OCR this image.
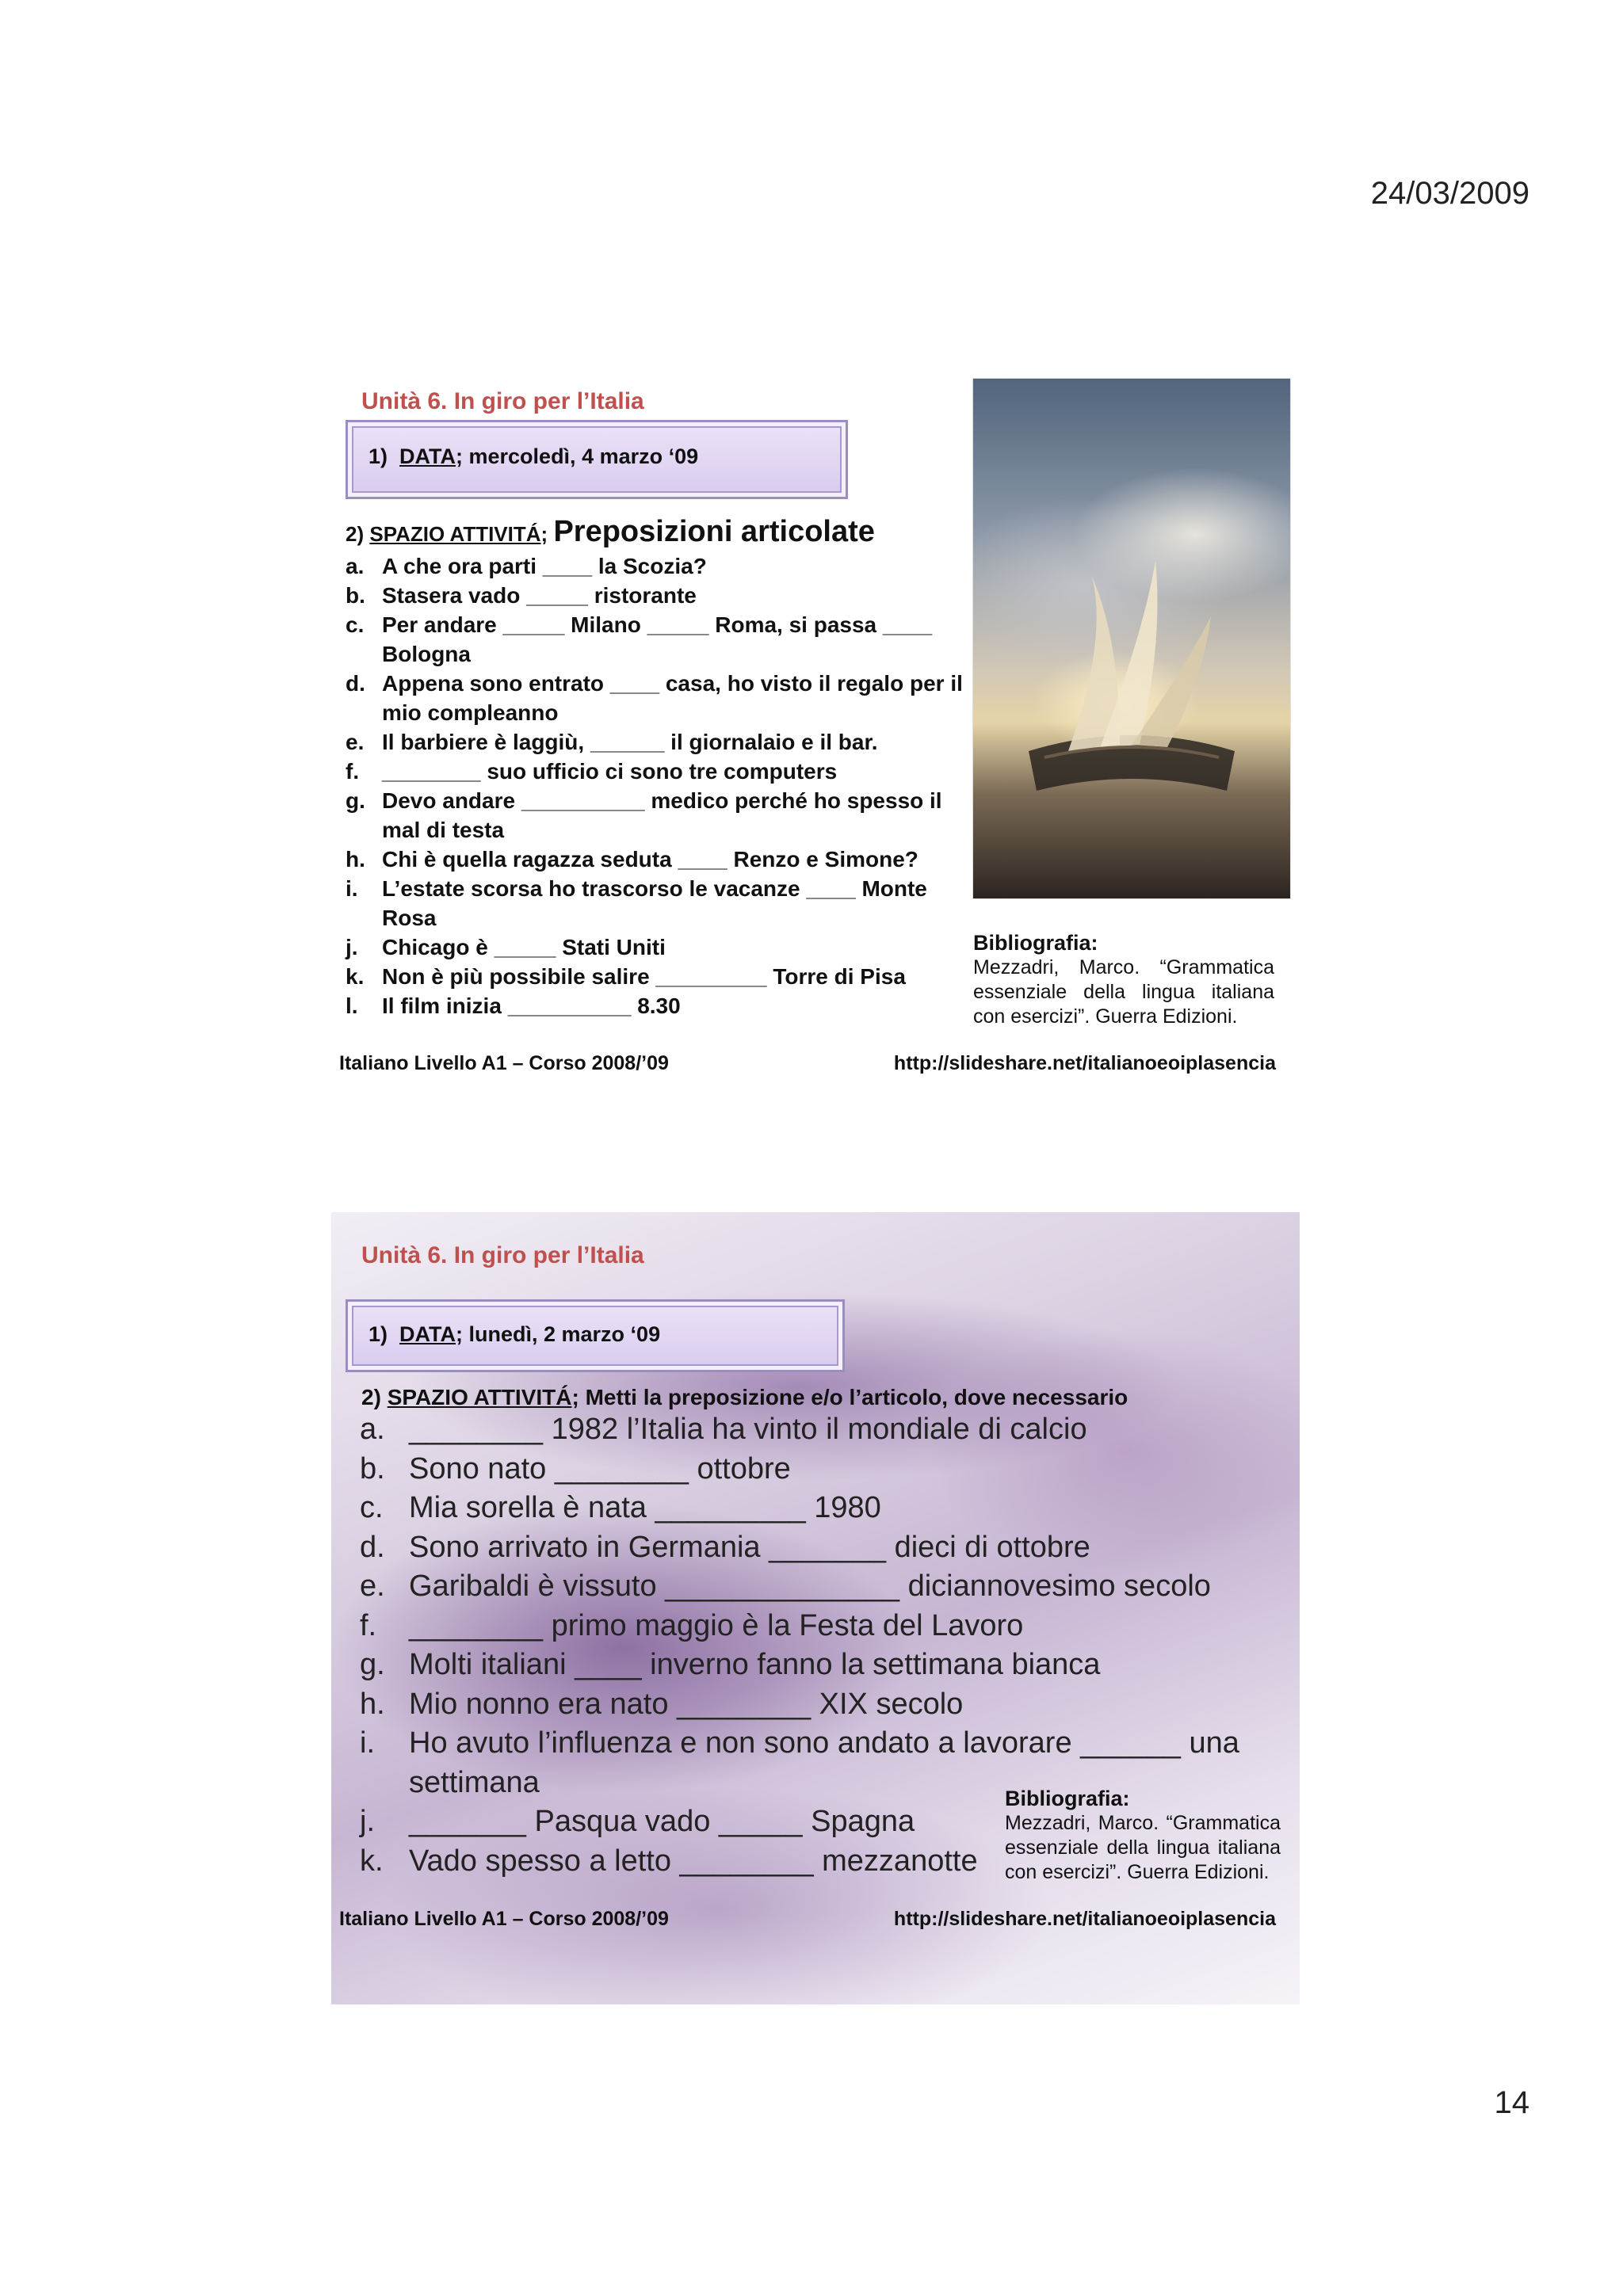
24/03/2009
Unità 6. In giro per l’Italia
1) DATA; mercoledì, 4 marzo ‘09
2) SPAZIO ATTIVITÁ; Preposizioni articolate
a. A che ora parti ____ la Scozia?
b. Stasera vado _____ ristorante
c. Per andare _____ Milano _____ Roma, si passa ____ Bologna
d. Appena sono entrato ____ casa, ho visto il regalo per il mio compleanno
e. Il barbiere è laggiù, ______ il giornalaio e il bar.
f.	________ suo ufficio ci sono tre computers
g. Devo andare __________ medico perché ho spesso il mal di testa
h. Chi è quella ragazza seduta ____ Renzo e Simone?
i.	L’estate scorsa ho trascorso le vacanze ____ Monte Rosa
j.	Chicago è _____ Stati Uniti
k. Non è più possibile salire _________ Torre di Pisa
l.	Il film inizia __________ 8.30
Bibliografia:
Mezzadri, Marco. “Grammatica essenziale della lingua italiana con esercizi”. Guerra Edizioni.
Italiano Livello A1 – Corso 2008/’09	http://slideshare.net/italianoeoiplasencia
Unità 6. In giro per l’Italia
1) DATA; lunedì, 2 marzo ‘09
2) SPAZIO ATTIVITÁ; Metti la preposizione e/o l’articolo, dove necessario
a. ________ 1982 l’Italia ha vinto il mondiale di calcio
b. Sono nato ________ ottobre
c. Mia sorella è nata _________ 1980
d. Sono arrivato in Germania _______ dieci di ottobre
e. Garibaldi è vissuto ______________ diciannovesimo secolo
f.	________ primo maggio è la Festa del Lavoro
g. Molti italiani ____ inverno fanno la settimana bianca
h. Mio nonno era nato ________ XIX secolo
i.	Ho avuto l’influenza e non sono andato a lavorare ______ una settimana
j.	_______ Pasqua vado _____ Spagna
k. Vado spesso a letto ________ mezzanotte
Bibliografia:
Mezzadri, Marco. “Grammatica essenziale della lingua italiana con esercizi”. Guerra Edizioni.
Italiano Livello A1 – Corso 2008/’09	http://slideshare.net/italianoeoiplasencia
14
